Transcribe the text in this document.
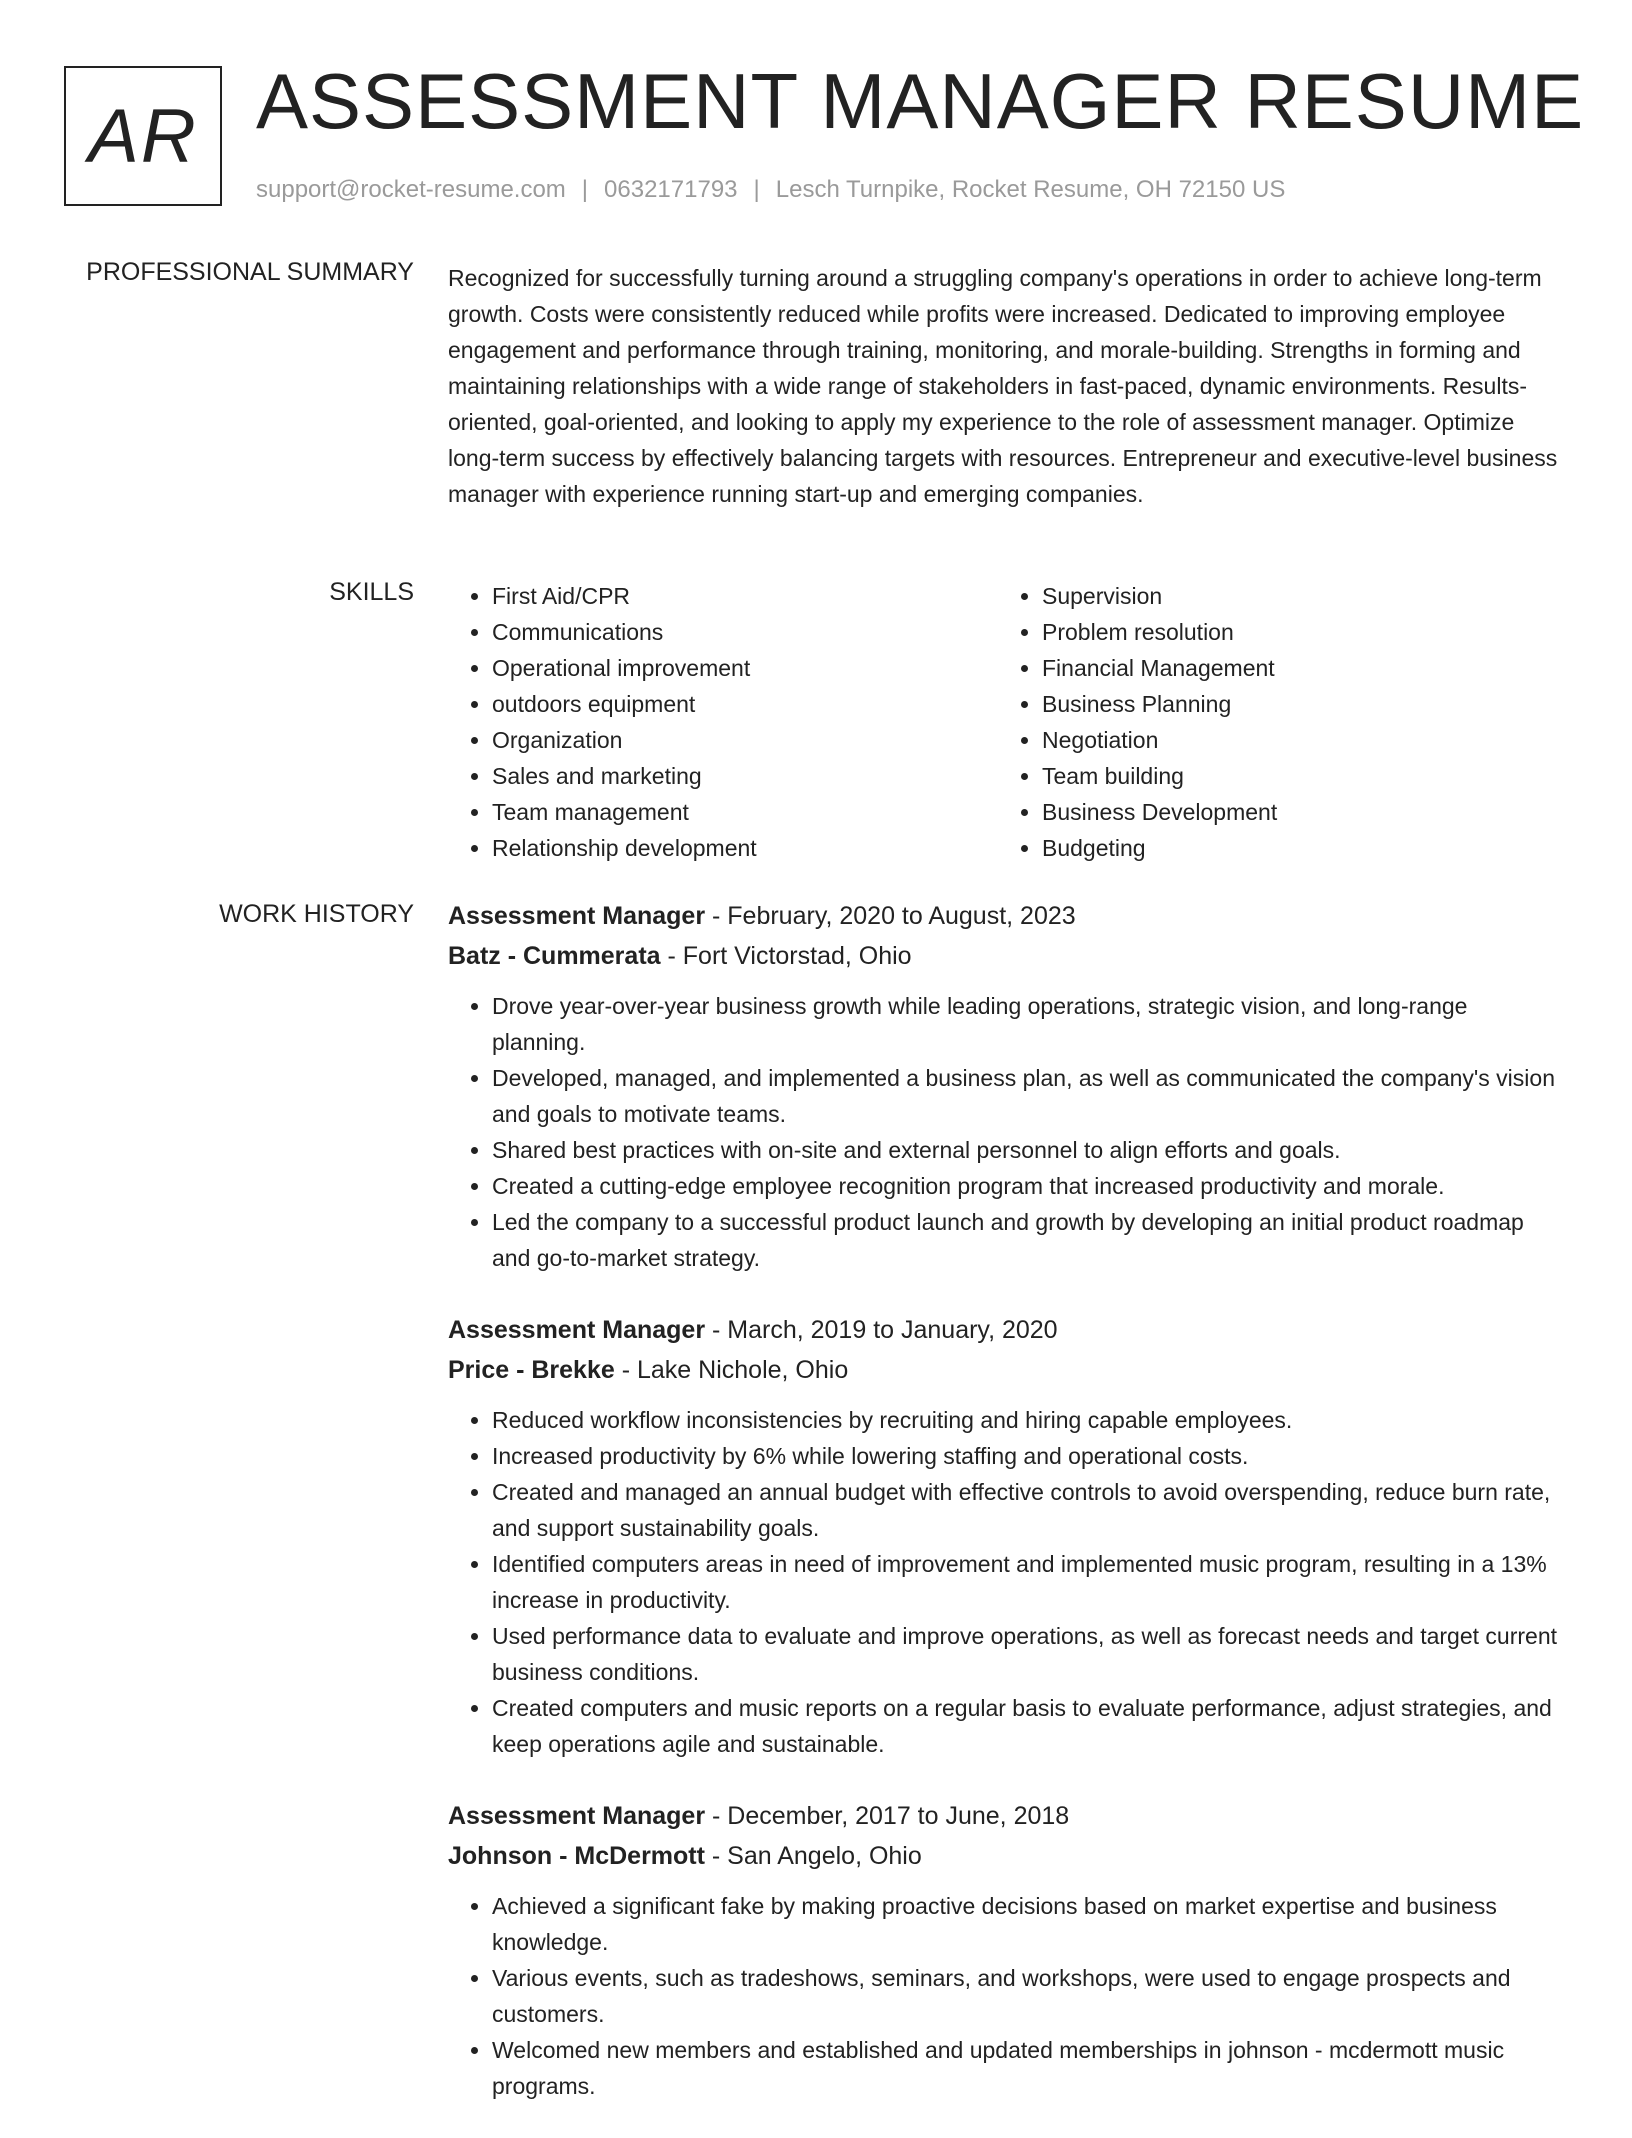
AR ASSESSMENT MANAGER RESUME
support@rocket-resume.com | 0632171793 | Lesch Turnpike, Rocket Resume, OH 72150 US
PROFESSIONAL SUMMARY Recognized for successfully turning around a struggling company's operations in order to achieve long-term growth. Costs were consistently reduced while profits were increased. Dedicated to improving employee engagement and performance through training, monitoring, and morale-building. Strengths in forming and maintaining relationships with a wide range of stakeholders in fast-paced, dynamic environments. Results-oriented, goal-oriented, and looking to apply my experience to the role of assessment manager. Optimize long-term success by effectively balancing targets with resources. Entrepreneur and executive-level business manager with experience running start-up and emerging companies.

SKILLS
•	First Aid/CPR
• Communications
• Operational improvement
• outdoors equipment
• Organization
• Sales and marketing
• Team management
• Relationship development
• Supervision
• Problem resolution
• Financial Management
• Business Planning
• Negotiation
• Team building
• Business Development
• Budgeting
WORK HISTORY Assessment Manager - February, 2020 to August, 2023
Batz - Cummerata - Fort Victorstad, Ohio
• Drove year-over-year business growth while leading operations, strategic vision, and long-range planning.
• Developed, managed, and implemented a business plan, as well as communicated the company's vision and goals to motivate teams.
• Shared best practices with on-site and external personnel to align efforts and goals.
• Created a cutting-edge employee recognition program that increased productivity and morale.
• Led the company to a successful product launch and growth by developing an initial product roadmap and go-to-market strategy.
Assessment Manager - March, 2019 to January, 2020
Price - Brekke - Lake Nichole, Ohio
• Reduced workflow inconsistencies by recruiting and hiring capable employees.
• Increased productivity by 6% while lowering staffing and operational costs.
• Created and managed an annual budget with effective controls to avoid overspending, reduce burn rate, and support sustainability goals.
• Identified computers areas in need of improvement and implemented music program, resulting in a 13% increase in productivity.
• Used performance data to evaluate and improve operations, as well as forecast needs and target current business conditions.
• Created computers and music reports on a regular basis to evaluate performance, adjust strategies, and keep operations agile and sustainable.
Assessment Manager - December, 2017 to June, 2018
Johnson - McDermott - San Angelo, Ohio
• Achieved a significant fake by making proactive decisions based on market expertise and business knowledge.
• Various events, such as tradeshows, seminars, and workshops, were used to engage prospects and customers.
• Welcomed new members and established and updated memberships in johnson - mcdermott music programs.
